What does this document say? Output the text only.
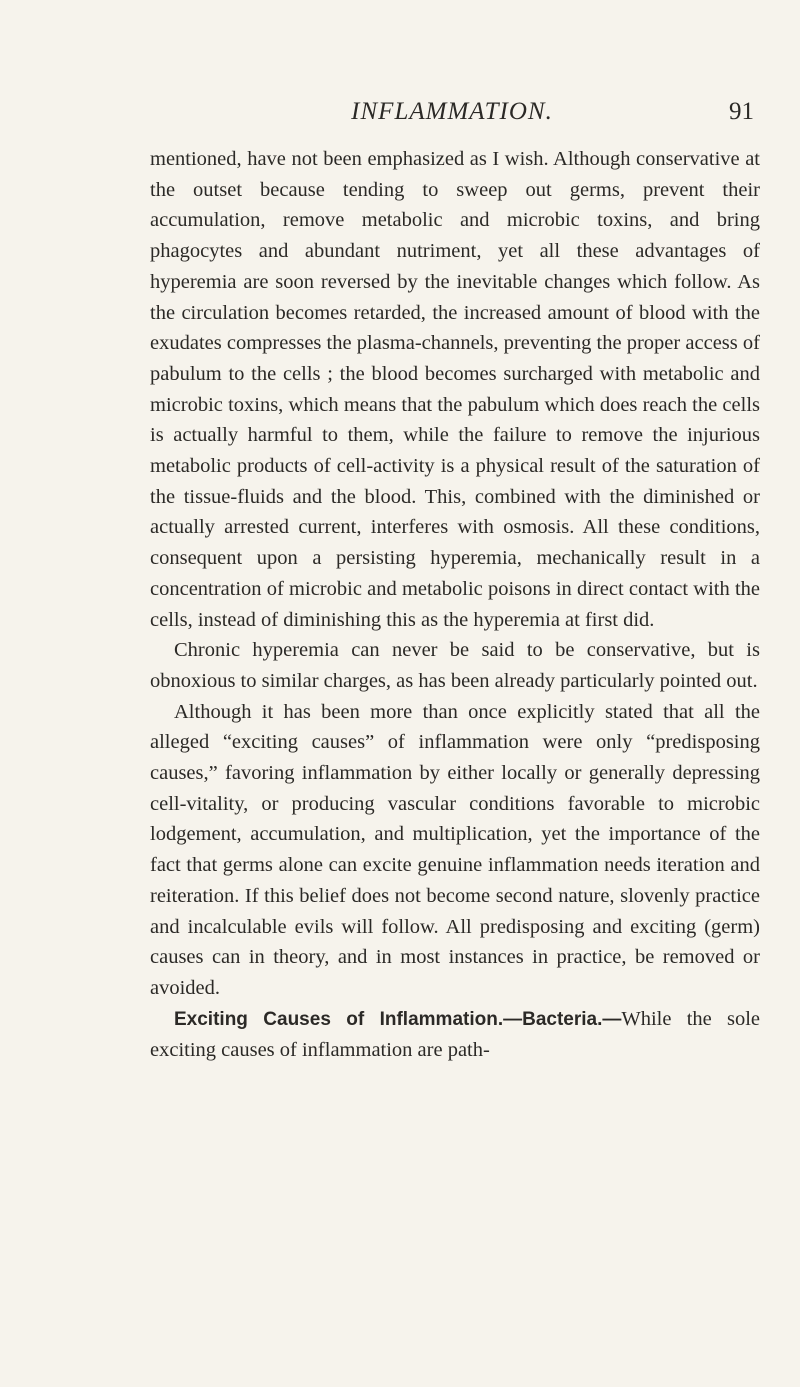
INFLAMMATION.	91

mentioned, have not been emphasized as I wish. Although conservative at the outset because tending to sweep out germs, prevent their accumulation, remove metabolic and microbic toxins, and bring phagocytes and abundant nutriment, yet all these advantages of hyperemia are soon reversed by the inevitable changes which follow. As the circulation becomes retarded, the increased amount of blood with the exudates compresses the plasma-channels, preventing the proper access of pabulum to the cells ; the blood becomes surcharged with metabolic and microbic toxins, which means that the pabulum which does reach the cells is actually harmful to them, while the failure to remove the injurious metabolic products of cell-activity is a physical result of the saturation of the tissue-fluids and the blood. This, combined with the diminished or actually arrested current, interferes with osmosis. All these conditions, consequent upon a persisting hyperemia, mechanically result in a concentration of microbic and metabolic poisons in direct contact with the cells, instead of diminishing this as the hyperemia at first did.

Chronic hyperemia can never be said to be conservative, but is obnoxious to similar charges, as has been already particularly pointed out.

Although it has been more than once explicitly stated that all the alleged “exciting causes” of inflammation were only “predisposing causes,” favoring inflammation by either locally or generally depressing cell-vitality, or producing vascular conditions favorable to microbic lodgement, accumulation, and multiplication, yet the importance of the fact that germs alone can excite genuine inflammation needs iteration and reiteration. If this belief does not become second nature, slovenly practice and incalculable evils will follow. All predisposing and exciting (germ) causes can in theory, and in most instances in practice, be removed or avoided.

Exciting Causes of Inflammation.—Bacteria.—While the sole exciting causes of inflammation are path-
